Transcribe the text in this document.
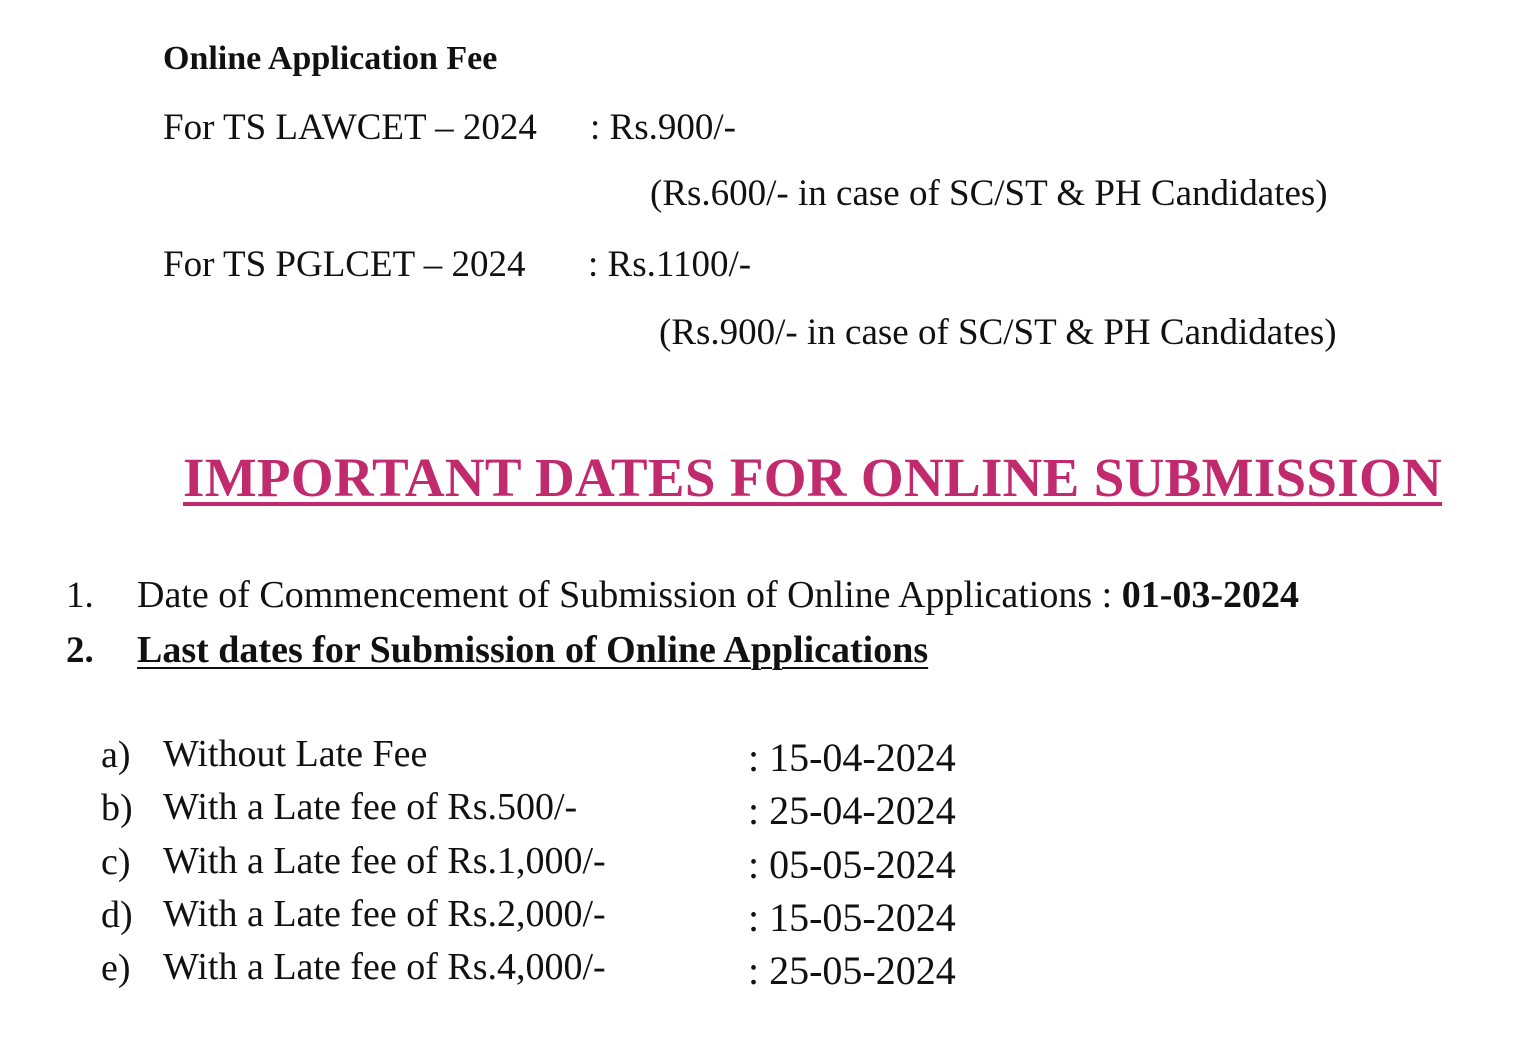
Online Application Fee
For TS LAWCET – 2024 : Rs.900/-
(Rs.600/- in case of SC/ST & PH Candidates)
For TS PGLCET – 2024 : Rs.1100/-
(Rs.900/- in case of SC/ST & PH Candidates)
IMPORTANT DATES FOR ONLINE SUBMISSION
1. Date of Commencement of Submission of Online Applications : 01-03-2024
2. Last dates for Submission of Online Applications
a) Without Late Fee	: 15-04-2024
b) With a Late fee of Rs.500/-	: 25-04-2024
c) With a Late fee of Rs.1,000/-	: 05-05-2024
d) With a Late fee of Rs.2,000/-	: 15-05-2024
e) With a Late fee of Rs.4,000/-	: 25-05-2024
